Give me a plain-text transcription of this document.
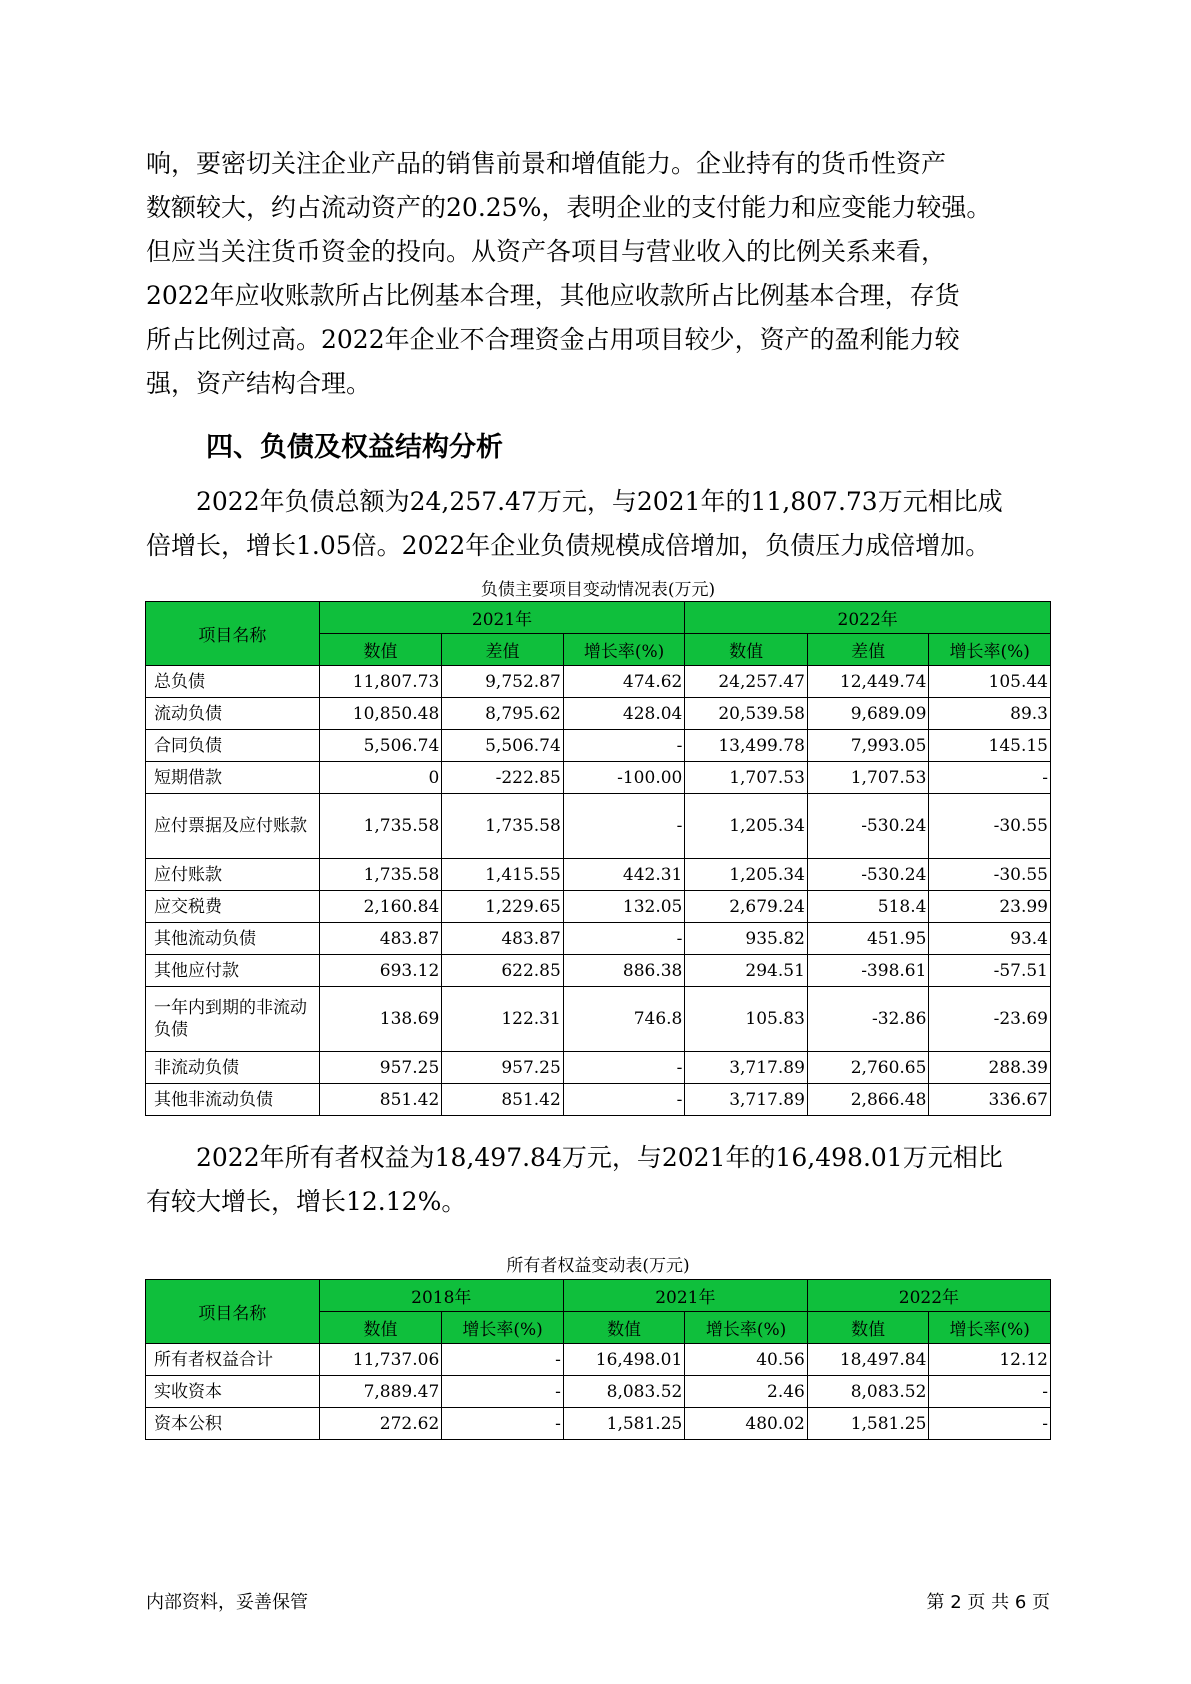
响，要密切关注企业产品的销售前景和增值能力。企业持有的货币性资产
数额较大，约占流动资产的20.25%，表明企业的支付能力和应变能力较强。
但应当关注货币资金的投向。从资产各项目与营业收入的比例关系来看，
2022年应收账款所占比例基本合理，其他应收款所占比例基本合理，存货
所占比例过高。2022年企业不合理资金占用项目较少，资产的盈利能力较
强，资产结构合理。
四、负债及权益结构分析
2022年负债总额为24,257.47万元，与2021年的11,807.73万元相比成
倍增长，增长1.05倍。2022年企业负债规模成倍增加，负债压力成倍增加。

负债主要项目变动情况表(万元)

项目名称	2021年			2022年		
	数值	差值	增长率(%)	数值	差值	增长率(%)
总负债	11,807.73	9,752.87	474.62	24,257.47	12,449.74	105.44
流动负债	10,850.48	8,795.62	428.04	20,539.58	9,689.09	89.3
合同负债	5,506.74	5,506.74	-	13,499.78	7,993.05	145.15
短期借款	0	-222.85	-100.00	1,707.53	1,707.53	-
应付票据及应付账款	1,735.58	1,735.58	-	1,205.34	-530.24	-30.55
应付账款	1,735.58	1,415.55	442.31	1,205.34	-530.24	-30.55
应交税费	2,160.84	1,229.65	132.05	2,679.24	518.4	23.99
其他流动负债	483.87	483.87	-	935.82	451.95	93.4
其他应付款	693.12	622.85	886.38	294.51	-398.61	-57.51
一年内到期的非流动负债	138.69	122.31	746.8	105.83	-32.86	-23.69
非流动负债	957.25	957.25	-	3,717.89	2,760.65	288.39
其他非流动负债	851.42	851.42	-	3,717.89	2,866.48	336.67
2022年所有者权益为18,497.84万元，与2021年的16,498.01万元相比
有较大增长，增长12.12%。

所有者权益变动表(万元)

项目名称	2018年		2021年		2022年	
	数值	增长率(%)	数值	增长率(%)	数值	增长率(%)
所有者权益合计	11,737.06	-	16,498.01	40.56	18,497.84	12.12
实收资本	7,889.47	-	8,083.52	2.46	8,083.52	-
资本公积	272.62	-	1,581.25	480.02	1,581.25	-
内部资料，妥善保管	第 2 页 共 6 页
